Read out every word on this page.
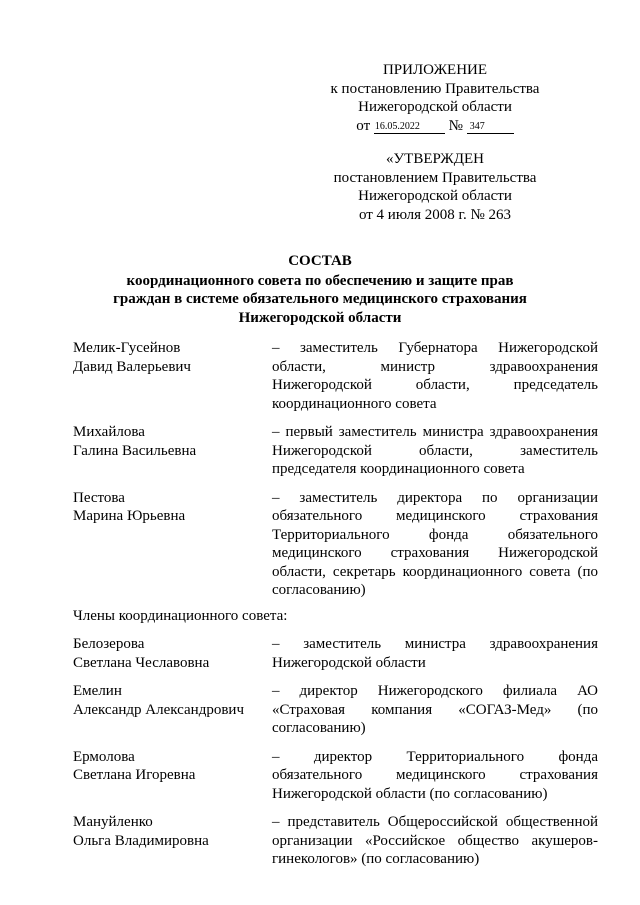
ПРИЛОЖЕНИЕ
к постановлению Правительства
Нижегородской области
от 16.05.2022 № 347
«УТВЕРЖДЕН
постановлением Правительства
Нижегородской области
от 4 июля 2008 г. № 263
СОСТАВ
координационного совета по обеспечению и защите прав
граждан в системе обязательного медицинского страхования
Нижегородской области
Мелик-Гусейнов
Давид Валерьевич
– заместитель Губернатора Нижегородской области, министр здравоохранения Нижегородской области, председатель координационного совета
Михайлова
Галина Васильевна
– первый заместитель министра здравоохранения Нижегородской области, заместитель председателя координационного совета
Пестова
Марина Юрьевна
– заместитель директора по организации обязательного медицинского страхования Территориального фонда обязательного медицинского страхования Нижегородской области, секретарь координационного совета (по согласованию)
Члены координационного совета:
Белозерова
Светлана Чеславовна
– заместитель министра здравоохранения Нижегородской области
Емелин
Александр Александрович
– директор Нижегородского филиала АО «Страховая компания «СОГАЗ-Мед» (по согласованию)
Ермолова
Светлана Игоревна
– директор Территориального фонда обязательного медицинского страхования Нижегородской области (по согласованию)
Мануйленко
Ольга Владимировна
– представитель Общероссийской общественной организации «Российское общество акушеров-гинекологов» (по согласованию)
